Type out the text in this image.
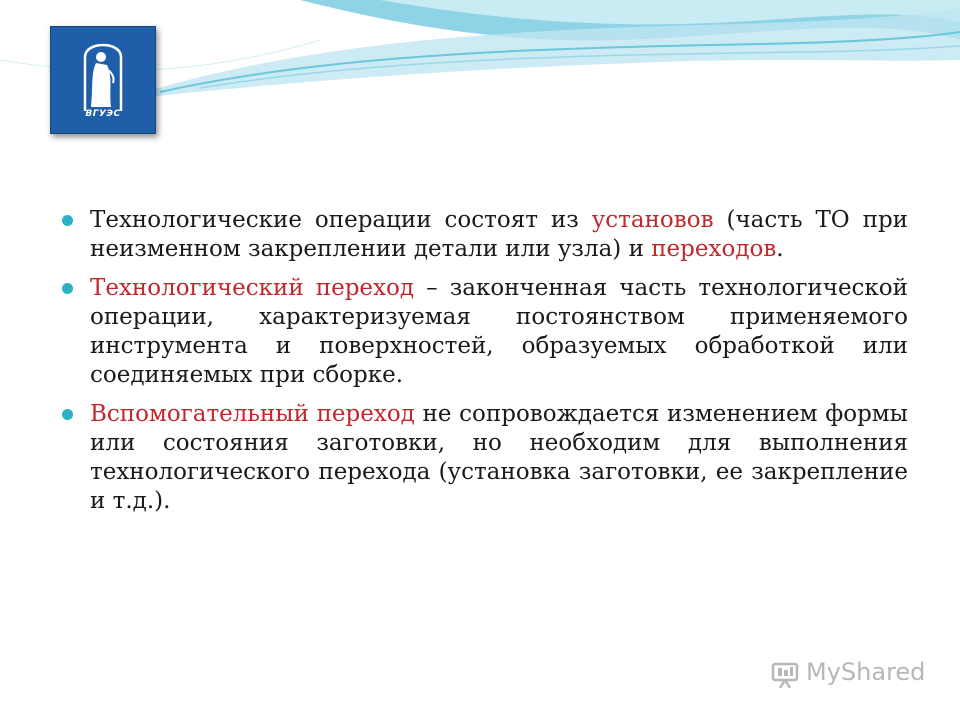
ВГУЭС
Технологические операции состоят из установов (часть ТО при неизменном закреплении детали или узла) и переходов.
Технологический переход – законченная часть технологической операции, характеризуемая постоянством применяемого инструмента и поверхностей, образуемых обработкой или соединяемых при сборке.
Вспомогательный переход не сопровождается изменением формы или состояния заготовки, но необходим для выполнения технологического перехода (установка заготовки, ее закрепление и т.д.).
MyShared
